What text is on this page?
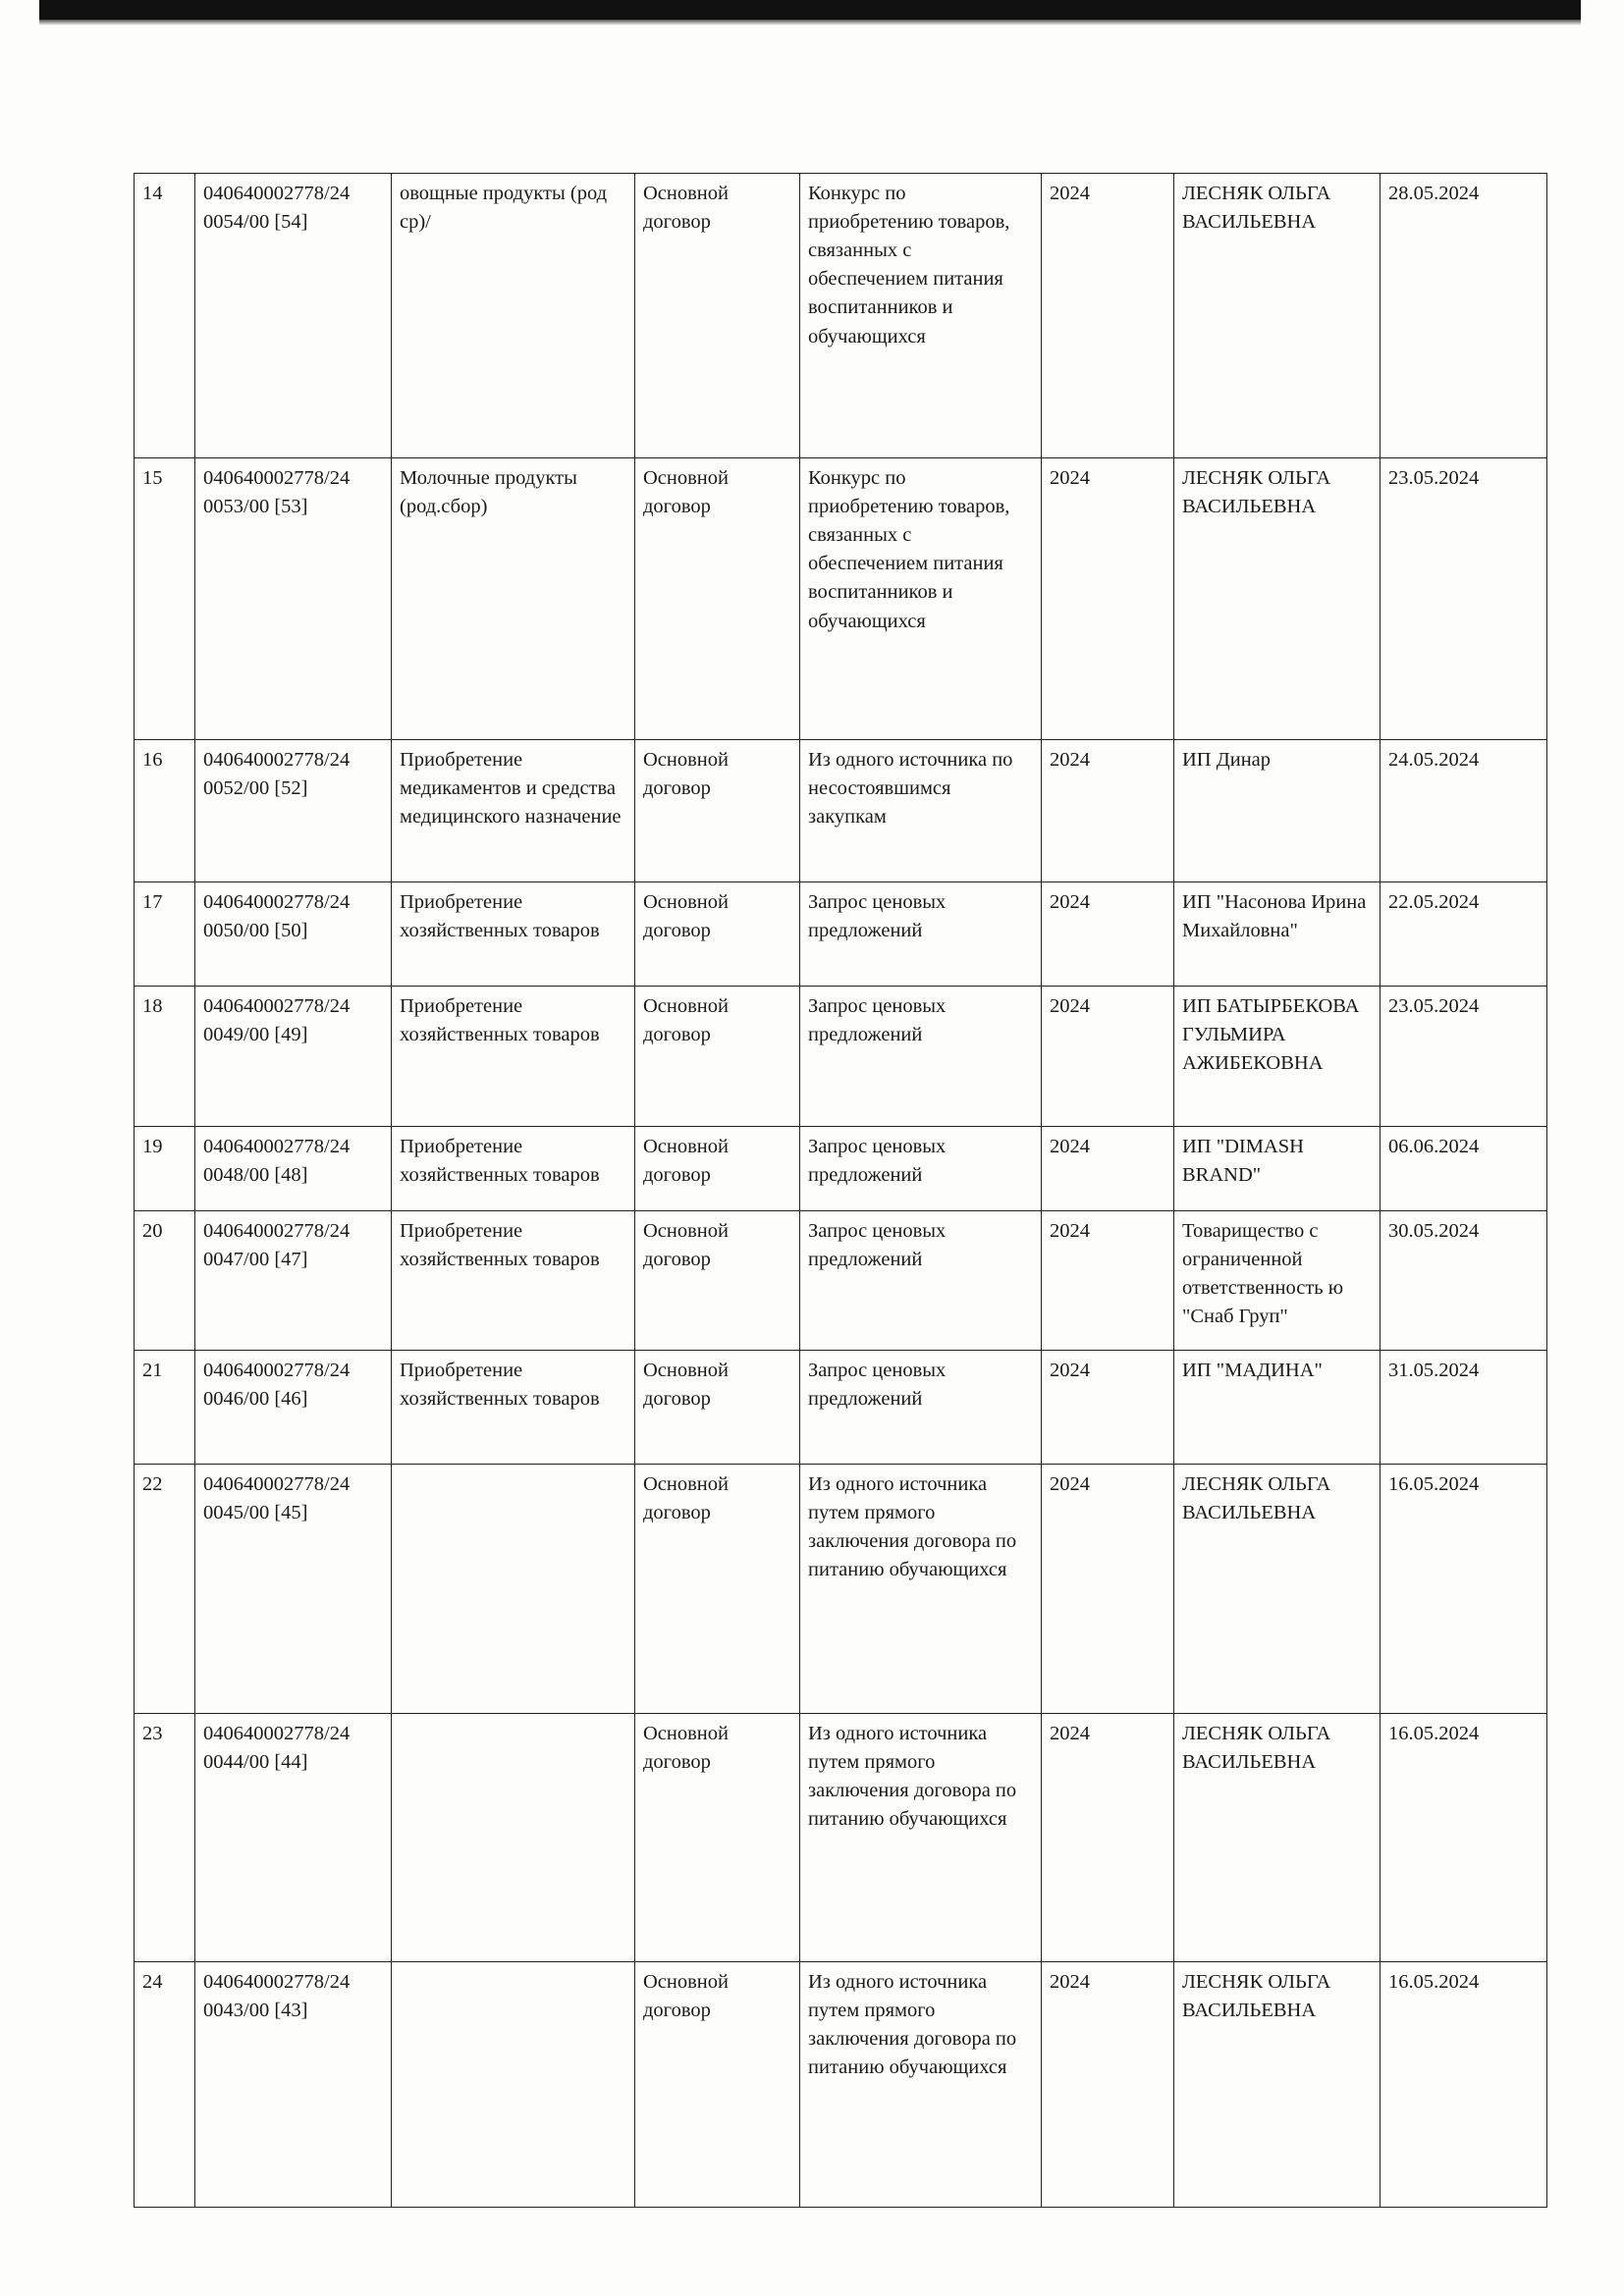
14	040640002778/24 0054/00 [54]	овощные продукты (род ср)/	Основной договор	Конкурс по приобретению товаров, связанных с обеспечением питания воспитанников и обучающихся	2024	ЛЕСНЯК ОЛЬГА ВАСИЛЬЕВНА	28.05.2024
15	040640002778/24 0053/00 [53]	Молочные продукты (род.сбор)	Основной договор	Конкурс по приобретению товаров, связанных с обеспечением питания воспитанников и обучающихся	2024	ЛЕСНЯК ОЛЬГА ВАСИЛЬЕВНА	23.05.2024
16	040640002778/24 0052/00 [52]	Приобретение медикаментов и средства медицинского назначение	Основной договор	Из одного источника по несостоявшимся закупкам	2024	ИП Динар	24.05.2024
17	040640002778/24 0050/00 [50]	Приобретение хозяйственных товаров	Основной договор	Запрос ценовых предложений	2024	ИП "Насонова Ирина Михайловна"	22.05.2024
18	040640002778/24 0049/00 [49]	Приобретение хозяйственных товаров	Основной договор	Запрос ценовых предложений	2024	ИП БАТЫРБЕКОВА ГУЛЬМИРА АЖИБЕКОВНА	23.05.2024
19	040640002778/24 0048/00 [48]	Приобретение хозяйственных товаров	Основной договор	Запрос ценовых предложений	2024	ИП "DIMASH BRAND"	06.06.2024
20	040640002778/24 0047/00 [47]	Приобретение хозяйственных товаров	Основной договор	Запрос ценовых предложений	2024	Товарищество с ограниченной ответственность ю "Снаб Груп"	30.05.2024
21	040640002778/24 0046/00 [46]	Приобретение хозяйственных товаров	Основной договор	Запрос ценовых предложений	2024	ИП "МАДИНА"	31.05.2024
22	040640002778/24 0045/00 [45]		Основной договор	Из одного источника путем прямого заключения договора по питанию обучающихся	2024	ЛЕСНЯК ОЛЬГА ВАСИЛЬЕВНА	16.05.2024
23	040640002778/24 0044/00 [44]		Основной договор	Из одного источника путем прямого заключения договора по питанию обучающихся	2024	ЛЕСНЯК ОЛЬГА ВАСИЛЬЕВНА	16.05.2024
24	040640002778/24 0043/00 [43]		Основной договор	Из одного источника путем прямого заключения договора по питанию обучающихся	2024	ЛЕСНЯК ОЛЬГА ВАСИЛЬЕВНА	16.05.2024
